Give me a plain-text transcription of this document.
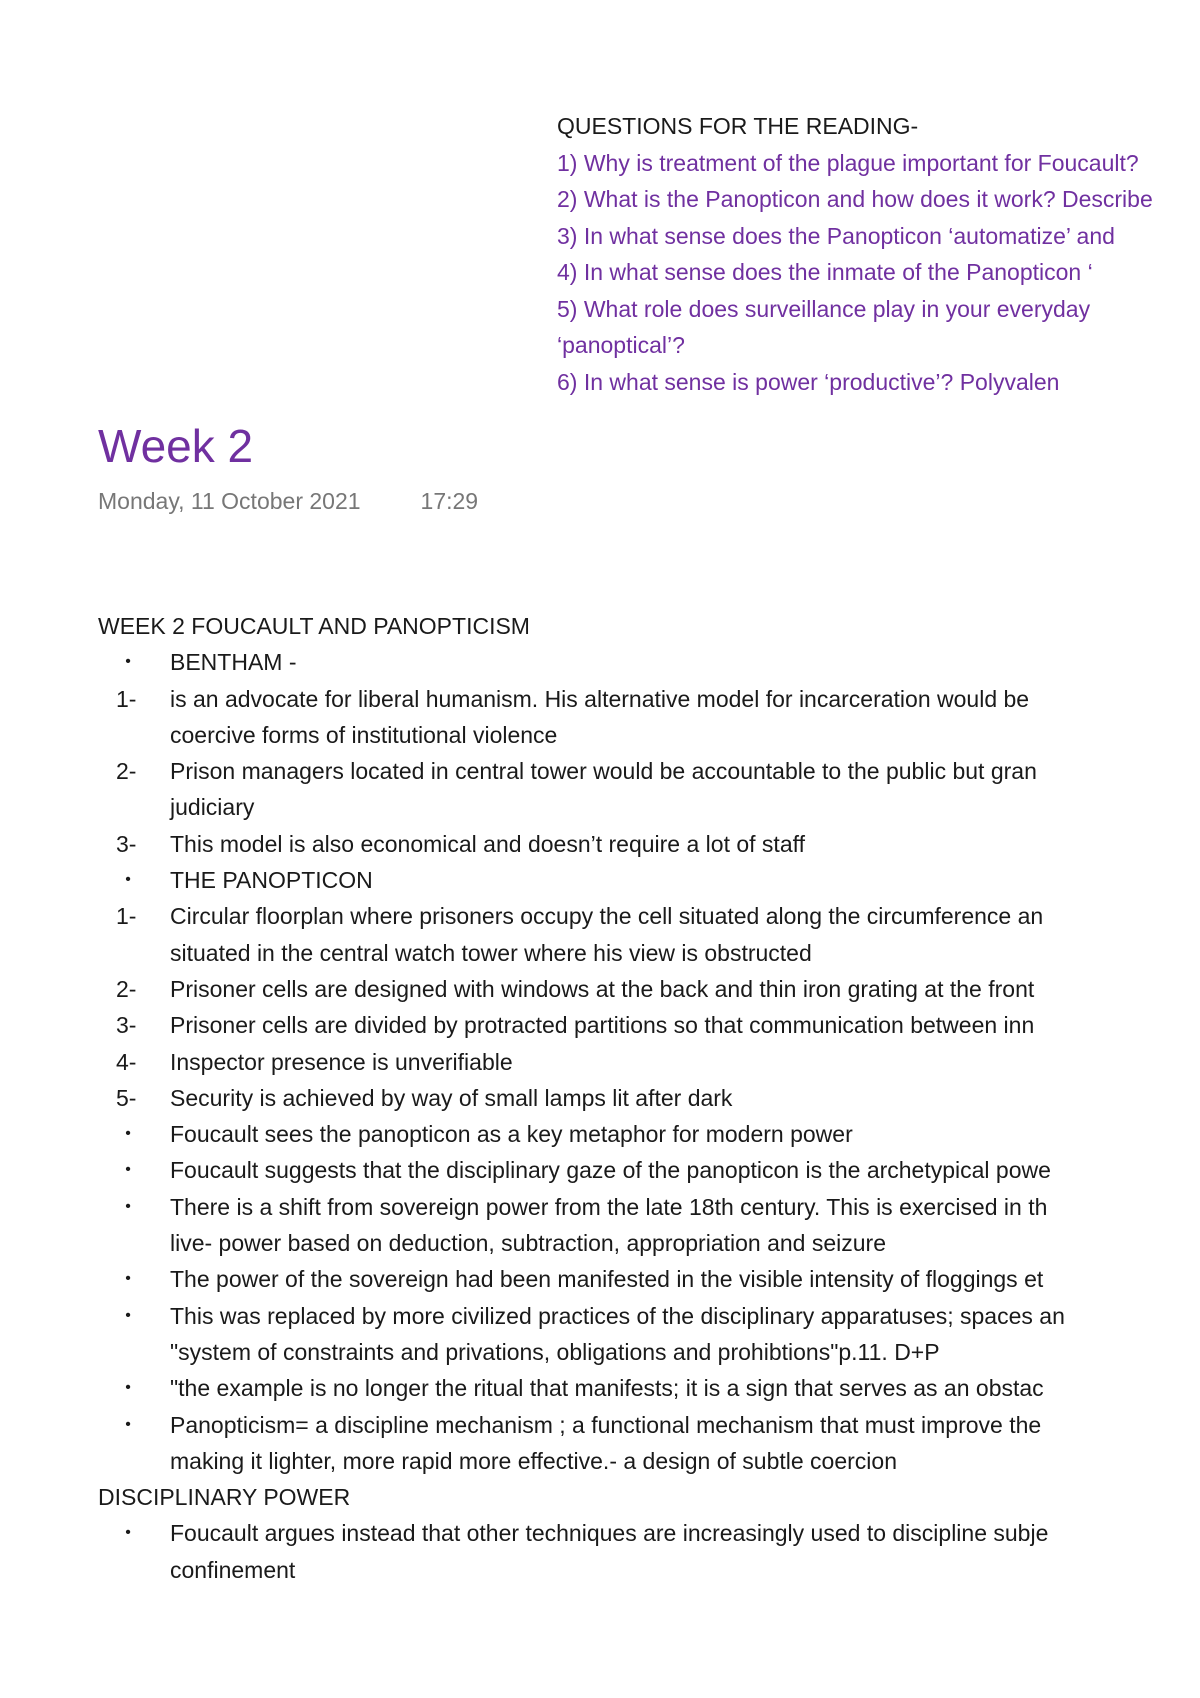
QUESTIONS FOR THE READING-
1) Why is treatment of the plague important for Foucault?
2) What is the Panopticon and how does it work? Describe
3) In what sense does the Panopticon ‘automatize’ and
4) In what sense does the inmate of the Panopticon ‘
5) What role does surveillance play in your everyday
‘panoptical’?
6) In what sense is power ‘productive’? Polyvalen
Week 2
Monday, 11 October 2021	17:29
WEEK 2 FOUCAULT AND PANOPTICISM
•	BENTHAM -
1-	is an advocate for liberal humanism. His alternative model for incarceration would be
coercive forms of institutional violence
2-	Prison managers located in central tower would be accountable to the public but gran
judiciary
3-	This model is also economical and doesn’t require a lot of staff
•	THE PANOPTICON
1-	Circular floorplan where prisoners occupy the cell situated along the circumference an
situated in the central watch tower where his view is obstructed
2-	Prisoner cells are designed with windows at the back and thin iron grating at the front
3-	Prisoner cells are divided by protracted partitions so that communication between inn
4-	Inspector presence is unverifiable
5-	Security is achieved by way of small lamps lit after dark
•	Foucault sees the panopticon as a key metaphor for modern power
•	Foucault suggests that the disciplinary gaze of the panopticon is the archetypical powe
•	There is a shift from sovereign power from the late 18th century. This is exercised in th
live- power based on deduction, subtraction, appropriation and seizure
•	The power of the sovereign had been manifested in the visible intensity of floggings et
•	This was replaced by more civilized practices of the disciplinary apparatuses; spaces an
"system of constraints and privations, obligations and prohibtions"p.11. D+P
•	"the example is no longer the ritual that manifests; it is a sign that serves as an obstac
•	Panopticism= a discipline mechanism ; a functional mechanism that must improve the
making it lighter, more rapid more effective.- a design of subtle coercion
DISCIPLINARY POWER
•	Foucault argues instead that other techniques are increasingly used to discipline subje
confinement
